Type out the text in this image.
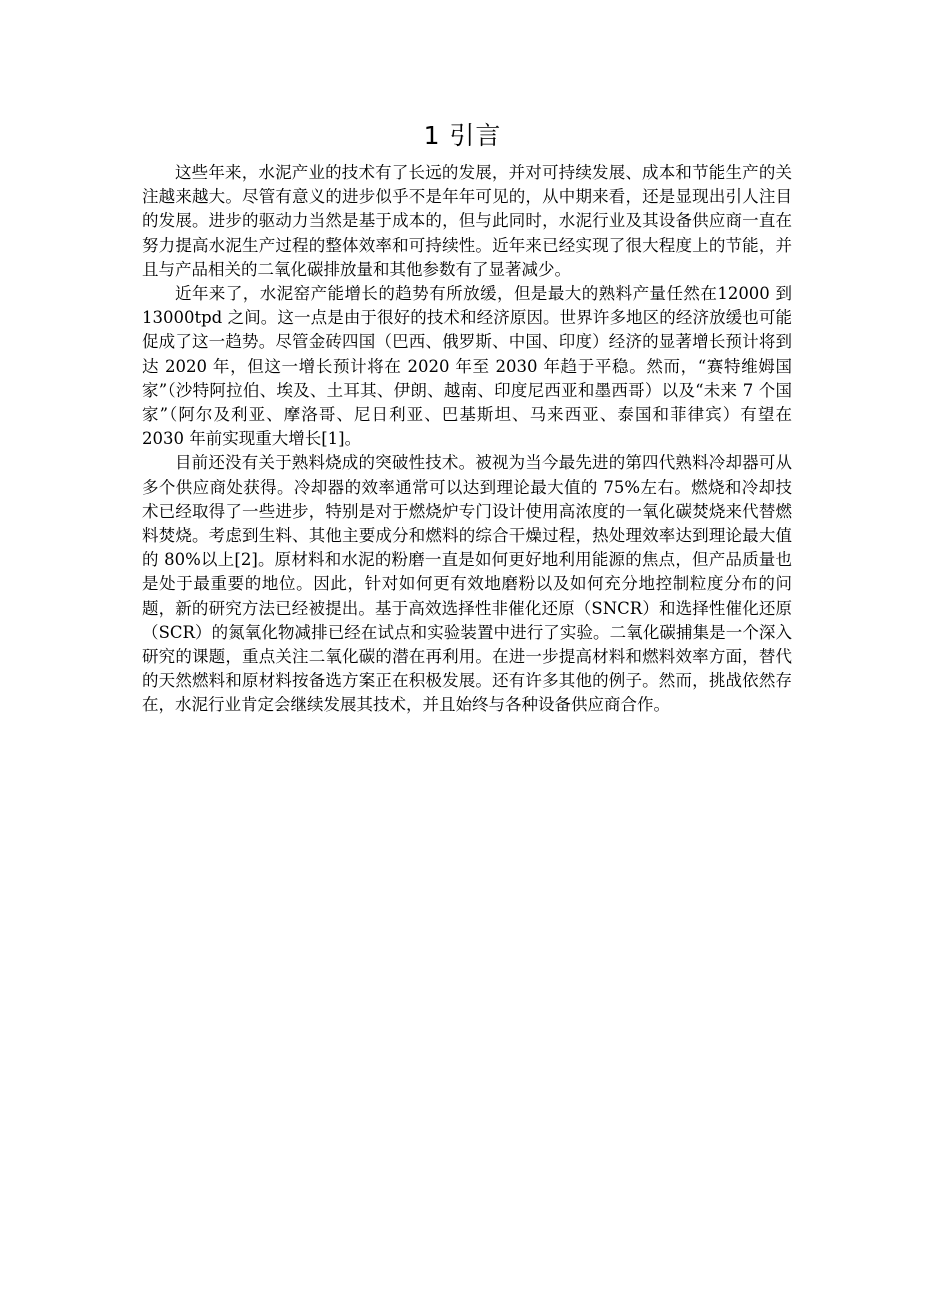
1 引言

这些年来，水泥产业的技术有了长远的发展，并对可持续发展、成本和节能生产的关注越来越大。尽管有意义的进步似乎不是年年可见的，从中期来看，还是显现出引人注目的发展。进步的驱动力当然是基于成本的，但与此同时，水泥行业及其设备供应商一直在努力提高水泥生产过程的整体效率和可持续性。近年来已经实现了很大程度上的节能，并且与产品相关的二氧化碳排放量和其他参数有了显著减少。

近年来了，水泥窑产能增长的趋势有所放缓，但是最大的熟料产量任然在12000 到 13000tpd 之间。这一点是由于很好的技术和经济原因。世界许多地区的经济放缓也可能促成了这一趋势。尽管金砖四国（巴西、俄罗斯、中国、印度）经济的显著增长预计将到达 2020 年，但这一增长预计将在 2020 年至 2030 年趋于平稳。然而，“赛特维姆国家”（沙特阿拉伯、埃及、土耳其、伊朗、越南、印度尼西亚和墨西哥）以及“未来 7 个国家”（阿尔及利亚、摩洛哥、尼日利亚、巴基斯坦、马来西亚、泰国和菲律宾）有望在 2030 年前实现重大增长[1]。

目前还没有关于熟料烧成的突破性技术。被视为当今最先进的第四代熟料冷却器可从多个供应商处获得。冷却器的效率通常可以达到理论最大值的 75%左右。燃烧和冷却技术已经取得了一些进步，特别是对于燃烧炉专门设计使用高浓度的一氧化碳焚烧来代替燃料焚烧。考虑到生料、其他主要成分和燃料的综合干燥过程，热处理效率达到理论最大值的 80%以上[2]。原材料和水泥的粉磨一直是如何更好地利用能源的焦点，但产品质量也是处于最重要的地位。因此，针对如何更有效地磨粉以及如何充分地控制粒度分布的问题，新的研究方法已经被提出。基于高效选择性非催化还原（SNCR）和选择性催化还原（SCR）的氮氧化物减排已经在试点和实验装置中进行了实验。二氧化碳捕集是一个深入研究的课题，重点关注二氧化碳的潜在再利用。在进一步提高材料和燃料效率方面，替代的天然燃料和原材料按备选方案正在积极发展。还有许多其他的例子。然而，挑战依然存在，水泥行业肯定会继续发展其技术，并且始终与各种设备供应商合作。
